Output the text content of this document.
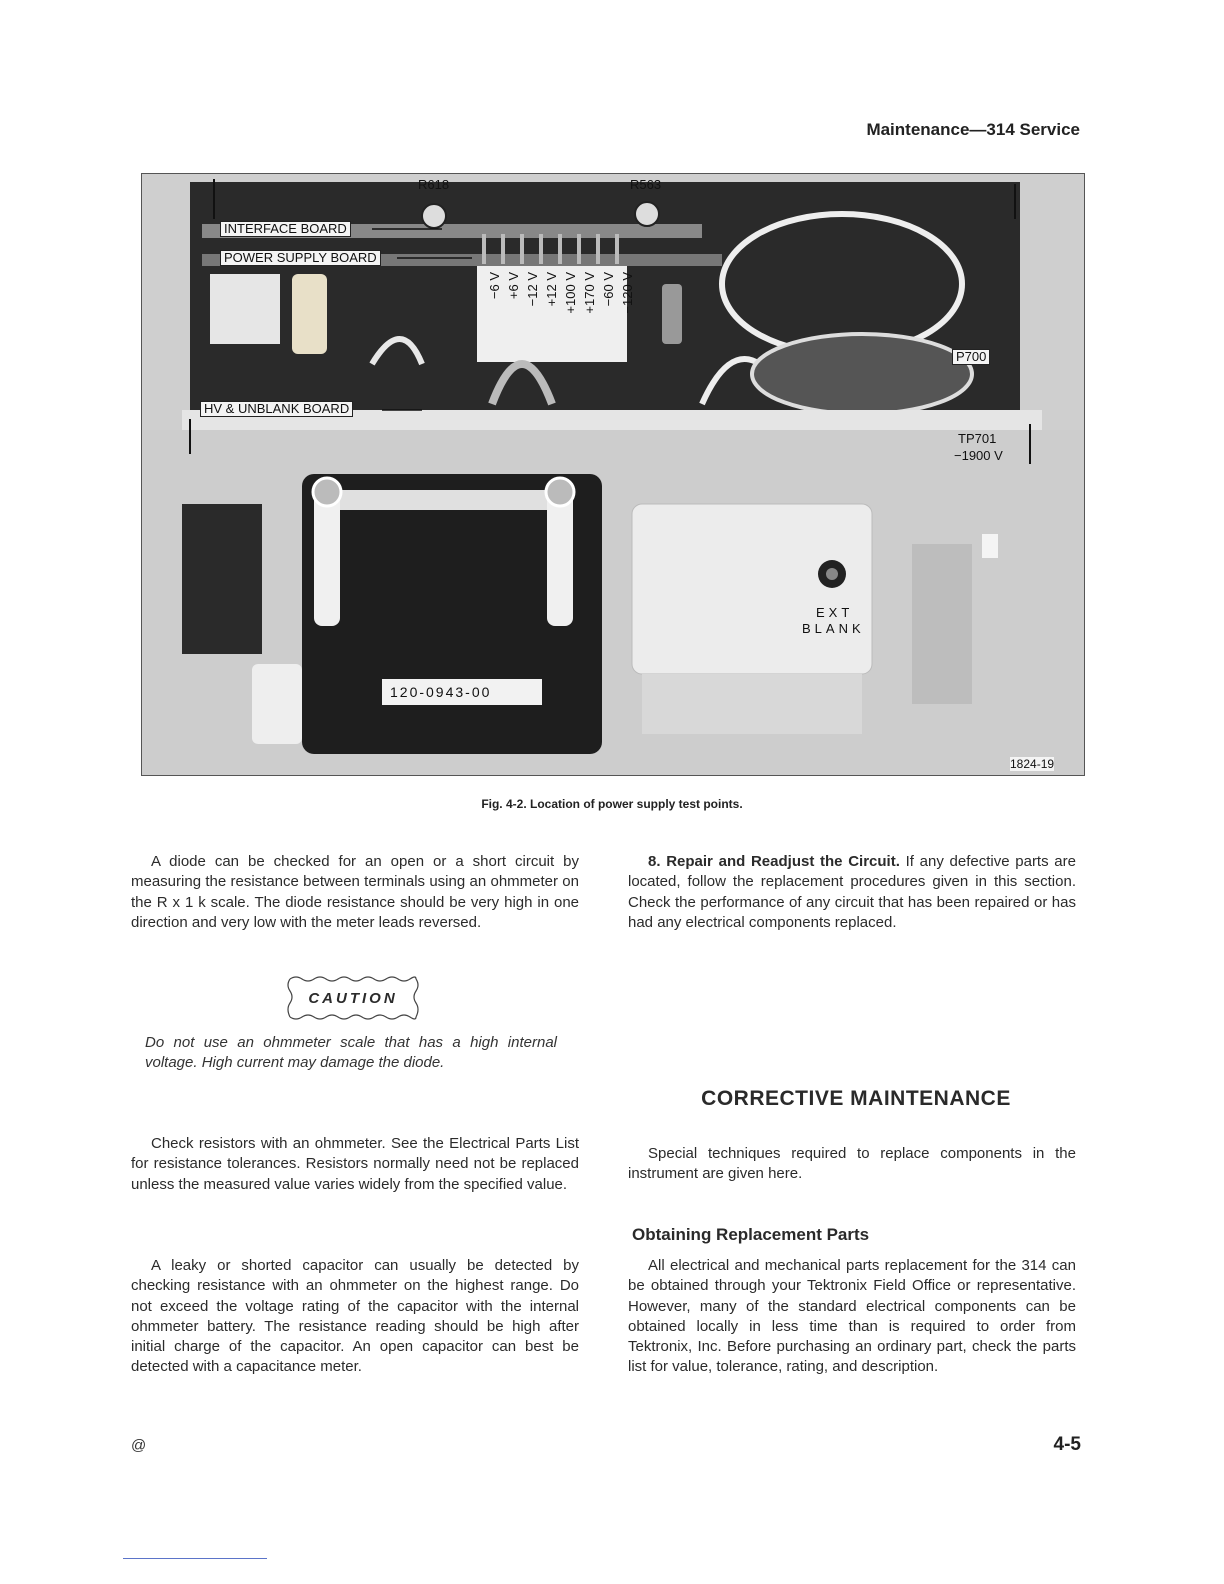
Maintenance—314 Service
R618	R563
INTERFACE BOARD
POWER SUPPLY BOARD
HV & UNBLANK BOARD
P700
TP701
−1900 V
EXT
BLANK
120-0943-00
1824-19
−6 V +6 V −12 V +12 V +100 V +170 V −60 V −120 V
Fig. 4-2. Location of power supply test points.

A diode can be checked for an open or a short circuit by measuring the resistance between terminals using an ohmmeter on the R x 1 k scale. The diode resistance should be very high in one direction and very low with the meter leads reversed.

CAUTION
Do not use an ohmmeter scale that has a high internal voltage. High current may damage the diode.

Check resistors with an ohmmeter. See the Electrical Parts List for resistance tolerances. Resistors normally need not be replaced unless the measured value varies widely from the specified value.

A leaky or shorted capacitor can usually be detected by checking resistance with an ohmmeter on the highest range. Do not exceed the voltage rating of the capacitor with the internal ohmmeter battery. The resistance reading should be high after initial charge of the capacitor. An open capacitor can best be detected with a capacitance meter.

8. Repair and Readjust the Circuit. If any defective parts are located, follow the replacement procedures given in this section. Check the performance of any circuit that has been repaired or has had any electrical components replaced.

CORRECTIVE MAINTENANCE

Special techniques required to replace components in the instrument are given here.

Obtaining Replacement Parts

All electrical and mechanical parts replacement for the 314 can be obtained through your Tektronix Field Office or representative. However, many of the standard electrical components can be obtained locally in less time than is required to order from Tektronix, Inc. Before purchasing an ordinary part, check the parts list for value, tolerance, rating, and description.

@	4-5
